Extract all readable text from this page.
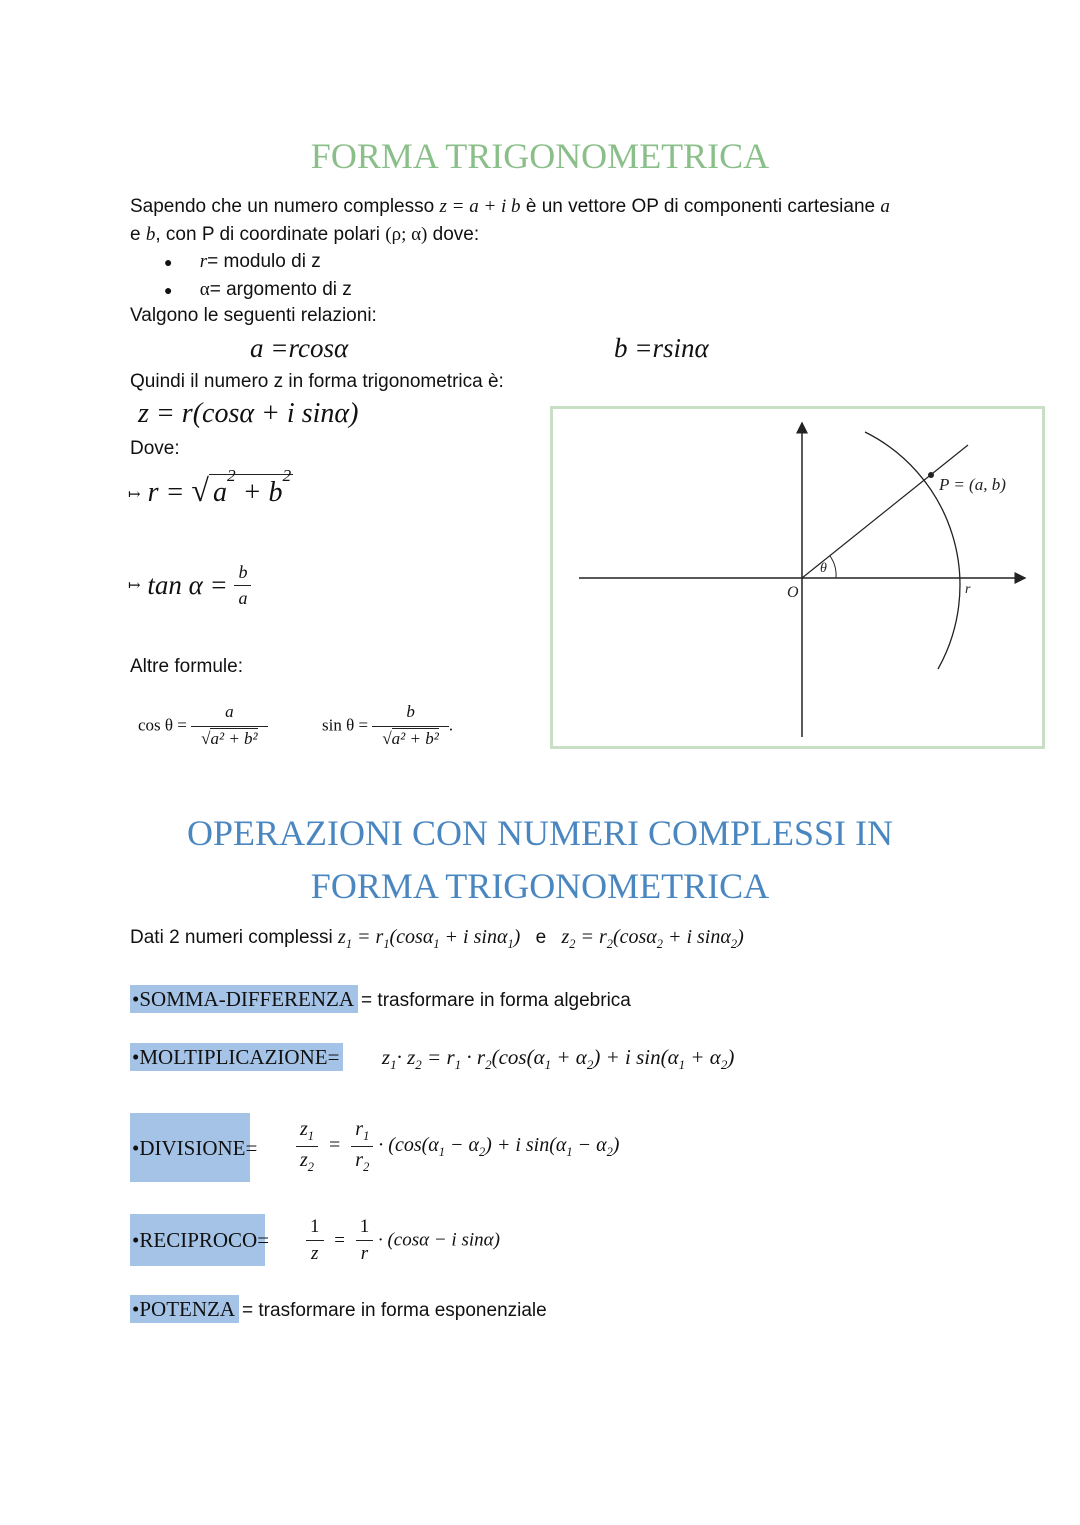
FORMA TRIGONOMETRICA
Sapendo che un numero complesso z = a + i b è un vettore OP di componenti cartesiane a
e b, con P di coordinate polari (ρ; α) dove:
● r= modulo di z
● α= argomento di z
Valgono le seguenti relazioni:
a =rcosα	b =rsinα
Quindi il numero z in forma trigonometrica è:
z = r(cosα + i sinα)
Dove:
↦ r = √ $a^2 + b^2$
↦ $\tan \alpha = \frac{b}{a}$
Altre formule:
$\cos \theta = \frac{a}{\text{√a² + b²}}$	$\sin \theta = \frac{b}{\text{√a² + b²}}$ .
P = (a, b)
O
θ
r
OPERAZIONI CON NUMERI COMPLESSI IN
FORMA TRIGONOMETRICA
Dati 2 numeri complessi $z_1 = r_1(\cos\alpha_1 + i$ sinα$_1$) e $z_2 = r_2(\cos\alpha_2 + i$ sinα$_2$)
•SOMMA-DIFFERENZA = trasformare in forma algebrica
•MOLTIPLICAZIONE= $z_1\cdot z_2 = r_1 \cdot r_2(\cos(\alpha_1 + \alpha_2) + i$ $\sin(\alpha_1 + \alpha_2)$
•DIVISIONE= $\frac{z_1}{z_2} = \frac{r_1}{r_2} \cdot (\cos(\alpha_1 - \alpha_2) + i$ $\sin(\alpha_1 - \alpha_2)$
•RECIPROCO= $\frac{1}{z} = \frac{1}{r} \cdot (\cos\alpha - i$ sinα)
•POTENZA = trasformare in forma esponenziale
